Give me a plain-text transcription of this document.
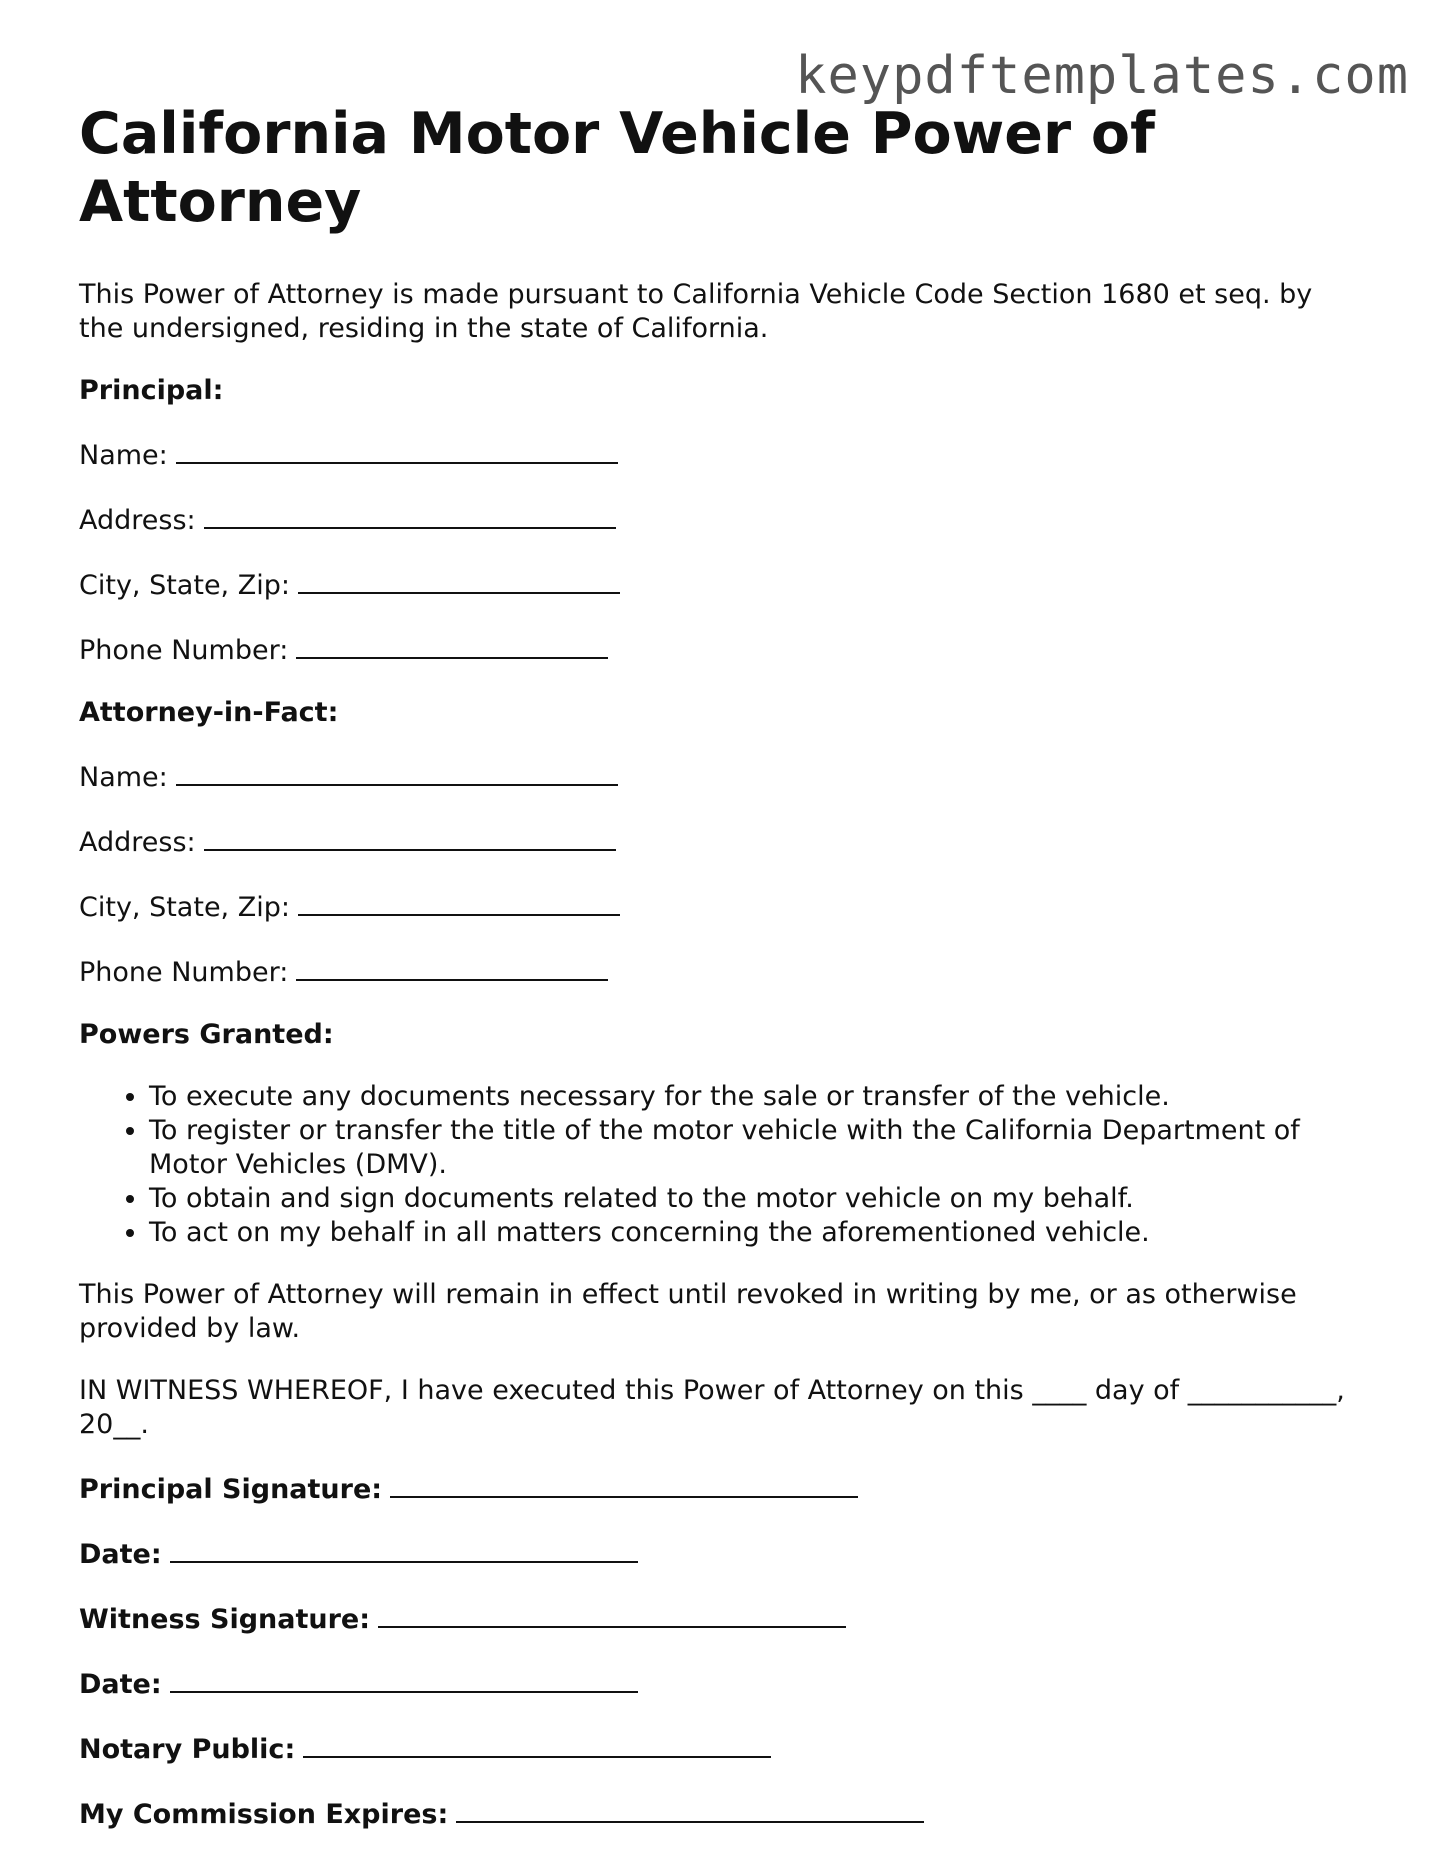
keypdftemplates.com
California Motor Vehicle Power of Attorney

This Power of Attorney is made pursuant to California Vehicle Code Section 1680 et seq. by the undersigned, residing in the state of California.

Principal:

Name:

Address:

City, State, Zip:

Phone Number:

Attorney-in-Fact:

Name:

Address:

City, State, Zip:

Phone Number:

Powers Granted:

• To execute any documents necessary for the sale or transfer of the vehicle.
• To register or transfer the title of the motor vehicle with the California Department of Motor Vehicles (DMV).
• To obtain and sign documents related to the motor vehicle on my behalf.
• To act on my behalf in all matters concerning the aforementioned vehicle.

This Power of Attorney will remain in effect until revoked in writing by me, or as otherwise provided by law.

IN WITNESS WHEREOF, I have executed this Power of Attorney on this ____ day of ___________, 20__.

Principal Signature:

Date:

Witness Signature:

Date:

Notary Public:

My Commission Expires:
